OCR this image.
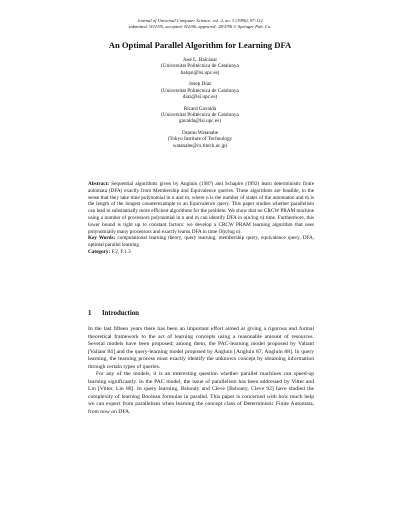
Journal of Universal Computer Science, vol. 2, no. 3 (1996), 97-112
submitted: 9/11/95, accepted: 8/2/96, appeared: 28/3/96 © Springer Pub. Co.
An Optimal Parallel Algorithm for Learning DFA
José L. Balcázar
(Universitat Politècnica de Catalunya
balqui@lsi.upc.es)
Josep Díaz
(Universitat Politècnica de Catalunya
diaz@lsi.upc.es)
Ricard Gavaldà
(Universitat Politècnica de Catalunya
gavalda@lsi.upc.es)
Osamu Watanabe
(Tokyo Institute of Technology
watanabe@cs.titech.ac.jp)

Abstract: Sequential algorithms given by Angluin (1987) and Schapire (1992) learn deterministic finite automata (DFA) exactly from Membership and Equivalence queries. These algorithms are feasible, in the sense that they take time polynomial in n and m, where n is the number of states of the automaton and m is the length of the longest counterexample to an Equivalence query. This paper studies whether parallelism can lead to substantially more efficient algorithms for the problem. We show that no CRCW PRAM machine using a number of processors polynomial in n and m can identify DFA in o(n/log n) time. Furthermore, this lower bound is tight up to constant factors: we develop a CRCW PRAM learning algorithm that uses polynomially many processors and exactly learns DFA in time O(n/log n).

Key Words: computational learning theory, query learning, membership query, equivalence query, DFA, optimal parallel learning

Category: F.2, F.1.3

1 Introduction

In the last fifteen years there has been an important effort aimed at giving a rigorous and formal theoretical framework to the act of learning concepts using a reasonable amount of resources. Several models have been proposed; among them, the PAC-learning model proposed by Valiant [Valiant 84] and the query-learning model proposed by Angluin [Angluin 87, Angluin 88]. In query learning, the learning process must exactly identify the unknown concept by obtaining information through certain types of queries.

For any of the models, it is an interesting question whether parallel machines can speed-up learning significantly. In the PAC model, the issue of parallelism has been addressed by Vitter and Lin [Vitter, Lin 88]. In query learning, Bshouty and Cleve [Bshouty, Cleve 92] have studied the complexity of learning Boolean formulas in parallel. This paper is concerned with how much help we can expect from parallelism when learning the concept class of Deterministic Finite Automata, from now on DFA.
